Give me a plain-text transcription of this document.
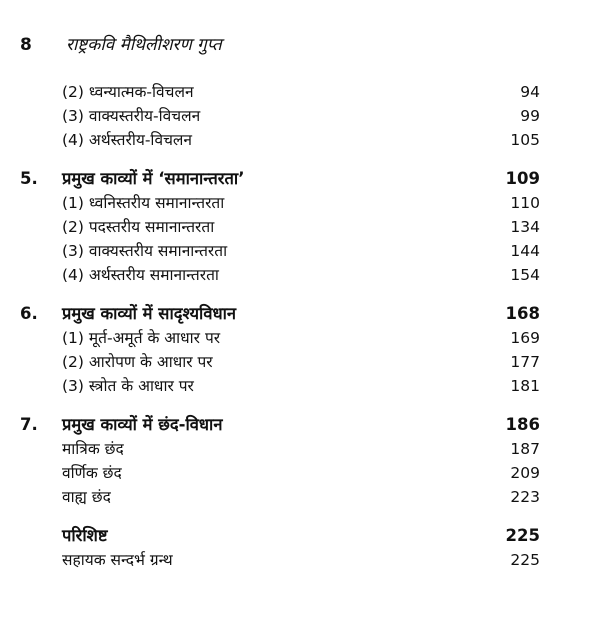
8	राष्ट्रकवि मैथिलीशरण गुप्त
(2) ध्वन्यात्मक-विचलन	94
(3) वाक्यस्तरीय-विचलन	99
(4) अर्थस्तरीय-विचलन	105
5.	प्रमुख काव्यों में ‘समानान्तरता’	109
(1) ध्वनिस्तरीय समानान्तरता	110
(2) पदस्तरीय समानान्तरता	134
(3) वाक्यस्तरीय समानान्तरता	144
(4) अर्थस्तरीय समानान्तरता	154
6.	प्रमुख काव्यों में सादृश्यविधान	168
(1) मूर्त-अमूर्त के आधार पर	169
(2) आरोपण के आधार पर	177
(3) स्त्रोत के आधार पर	181
7.	प्रमुख काव्यों में छंद-विधान	186
मात्रिक छंद	187
वर्णिक छंद	209
वाह्य छंद	223
परिशिष्ट	225
सहायक सन्दर्भ ग्रन्थ	225
